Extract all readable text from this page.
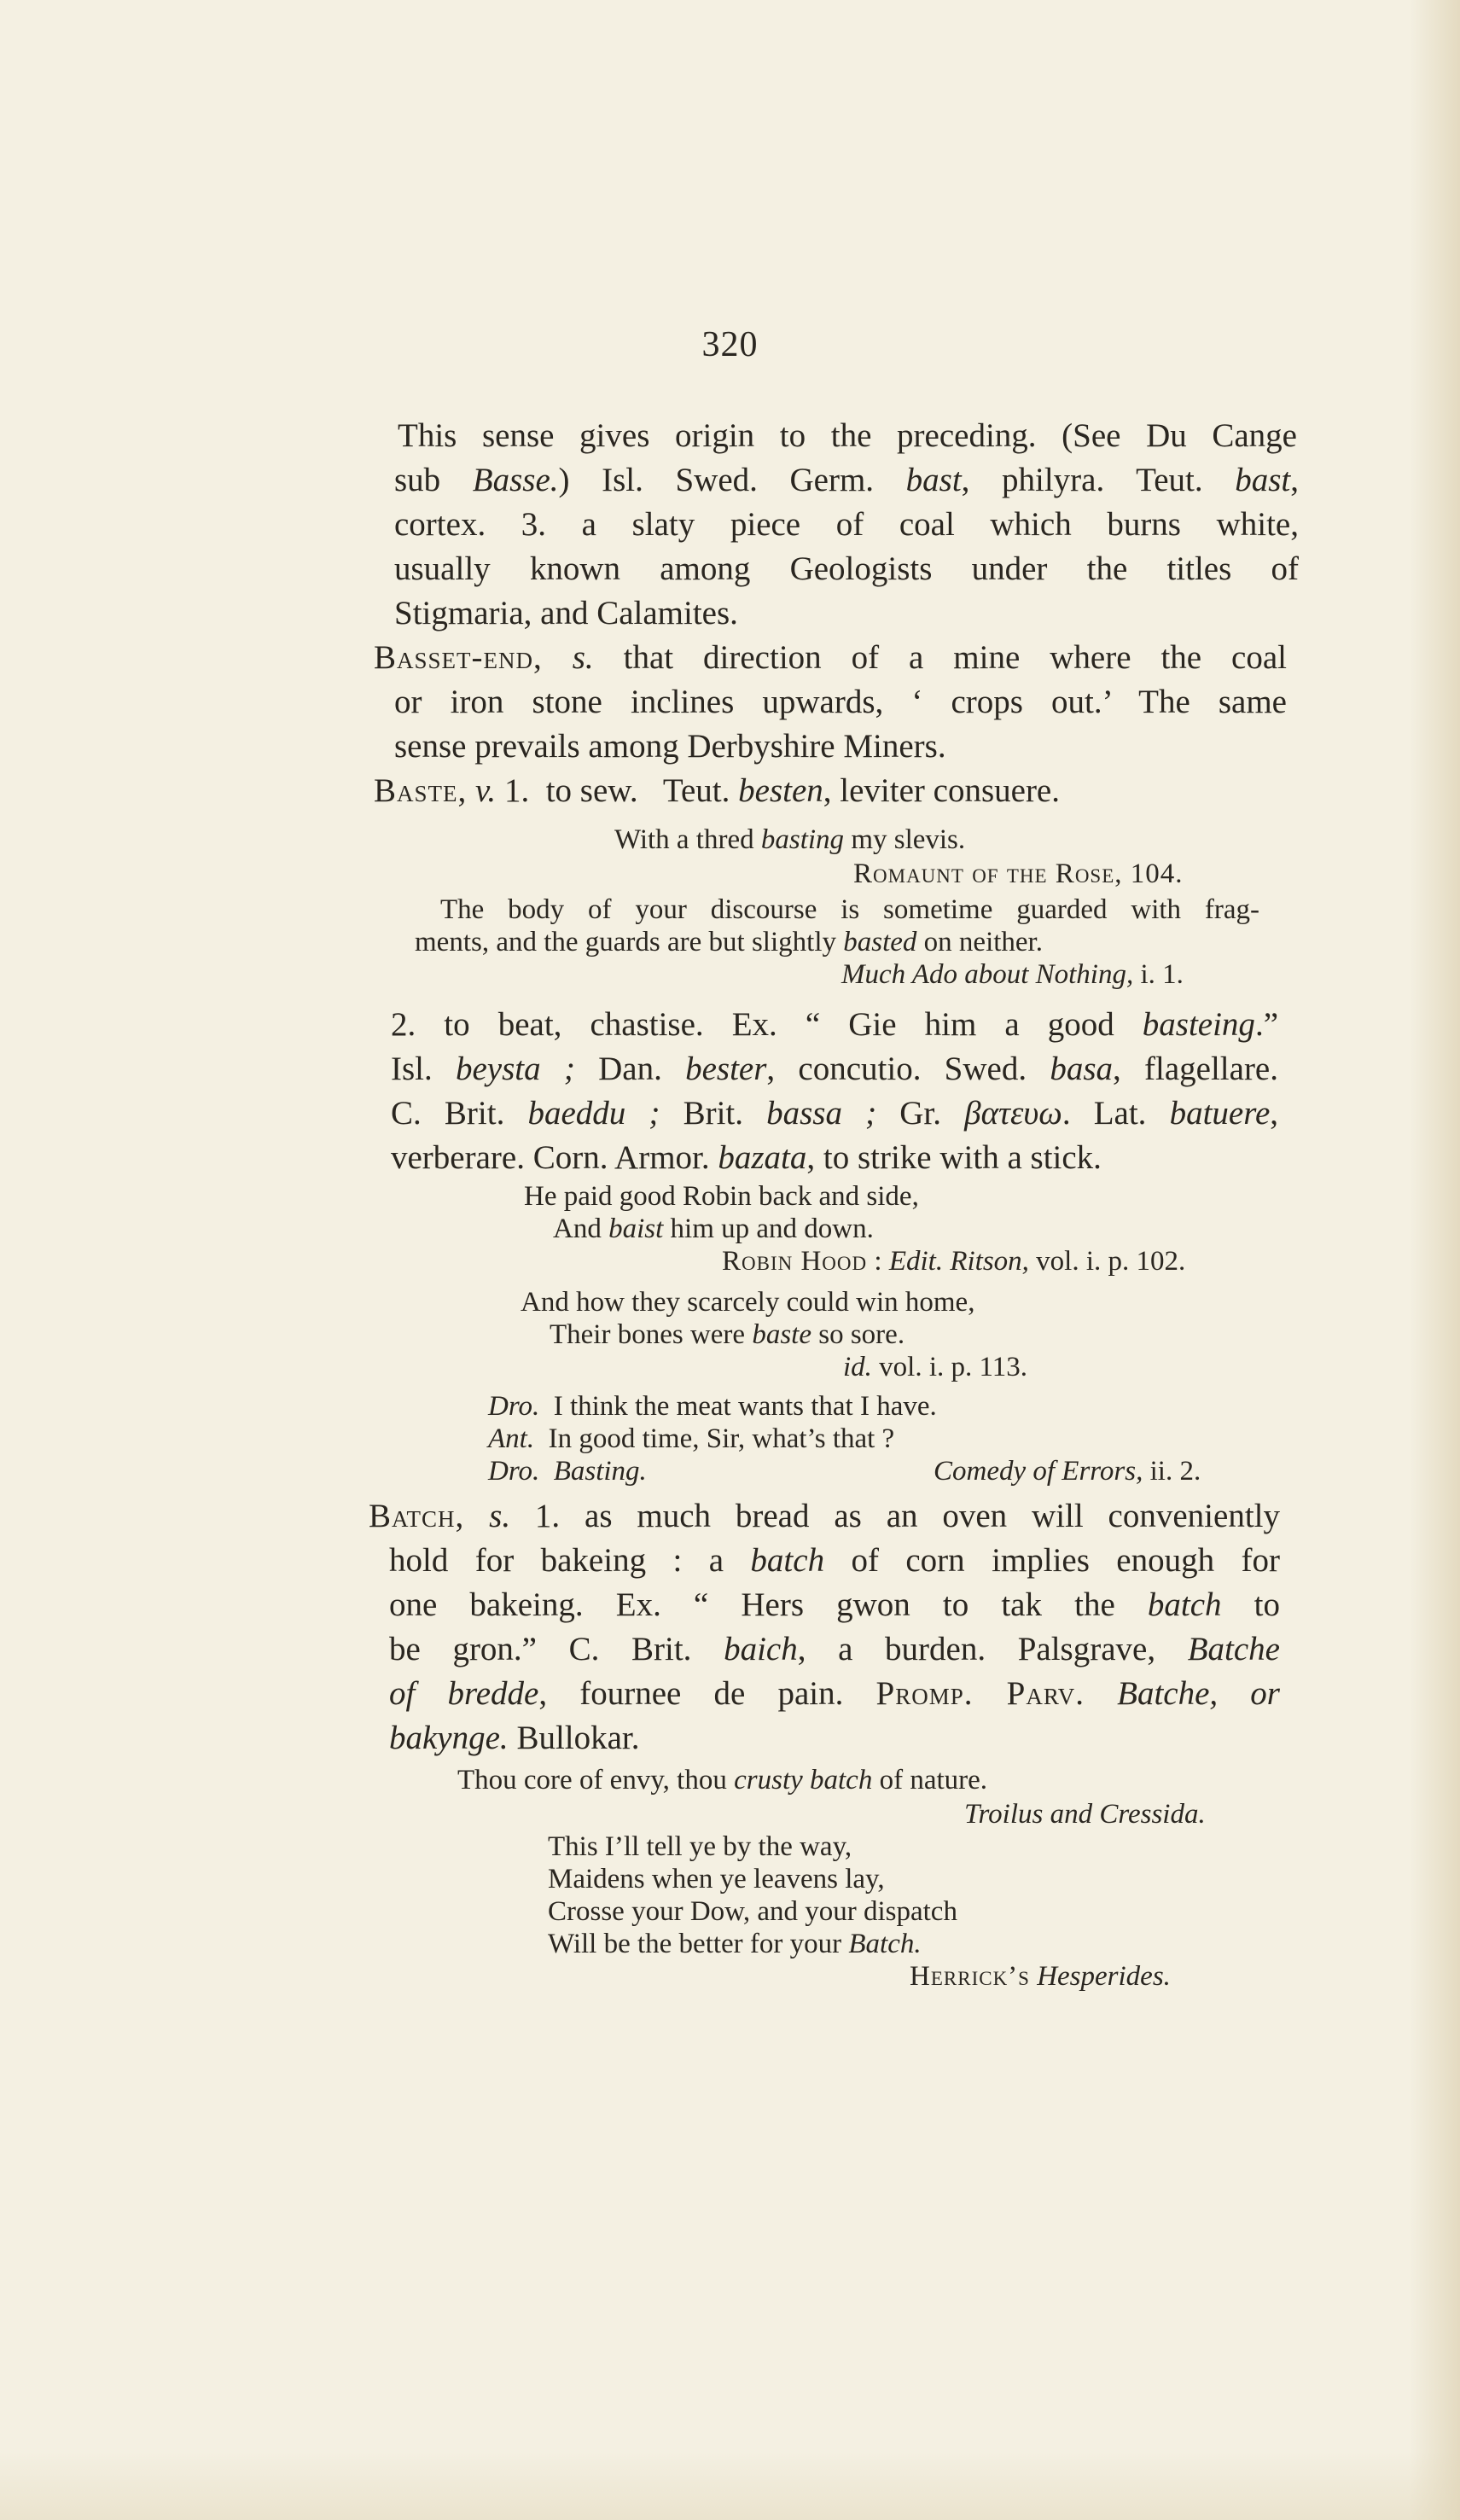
320
This sense gives origin to the preceding. (See Du Cange
sub Basse.) Isl. Swed. Germ. bast, philyra. Teut. bast,
cortex. 3. a slaty piece of coal which burns white,
usually known among Geologists under the titles of
Stigmaria, and Calamites.
Basset-end, s. that direction of a mine where the coal
or iron stone inclines upwards, ‘ crops out.’ The same
sense prevails among Derbyshire Miners.
Baste, v. 1.  to sew.   Teut. besten, leviter consuere.
With a thred basting my slevis.
Romaunt of the Rose, 104.
The body of your discourse is sometime guarded with frag-
ments, and the guards are but slightly basted on neither.
Much Ado about Nothing, i. 1.
2. to beat, chastise. Ex. “ Gie him a good basteing.”
Isl. beysta ; Dan. bester, concutio. Swed. basa, flagellare.
C. Brit. baeddu ; Brit. bassa ; Gr. βατευω. Lat. batuere,
verberare. Corn. Armor. bazata, to strike with a stick.
He paid good Robin back and side,
And baist him up and down.
Robin Hood : Edit. Ritson, vol. i. p. 102.
And how they scarcely could win home,
Their bones were baste so sore.
id. vol. i. p. 113.
Dro.  I think the meat wants that I have.
Ant.  In good time, Sir, what’s that ?
Dro. Basting.	Comedy of Errors, ii. 2.
Batch, s. 1. as much bread as an oven will conveniently
hold for bakeing : a batch of corn implies enough for
one bakeing. Ex. “ Hers gwon to tak the batch to
be gron.” C. Brit. baich, a burden. Palsgrave, Batche
of bredde, fournee de pain. Promp. Parv. Batche, or
bakynge. Bullokar.
Thou core of envy, thou crusty batch of nature.
Troilus and Cressida.
This I’ll tell ye by the way,
Maidens when ye leavens lay,
Crosse your Dow, and your dispatch
Will be the better for your Batch.
Herrick’s Hesperides.
